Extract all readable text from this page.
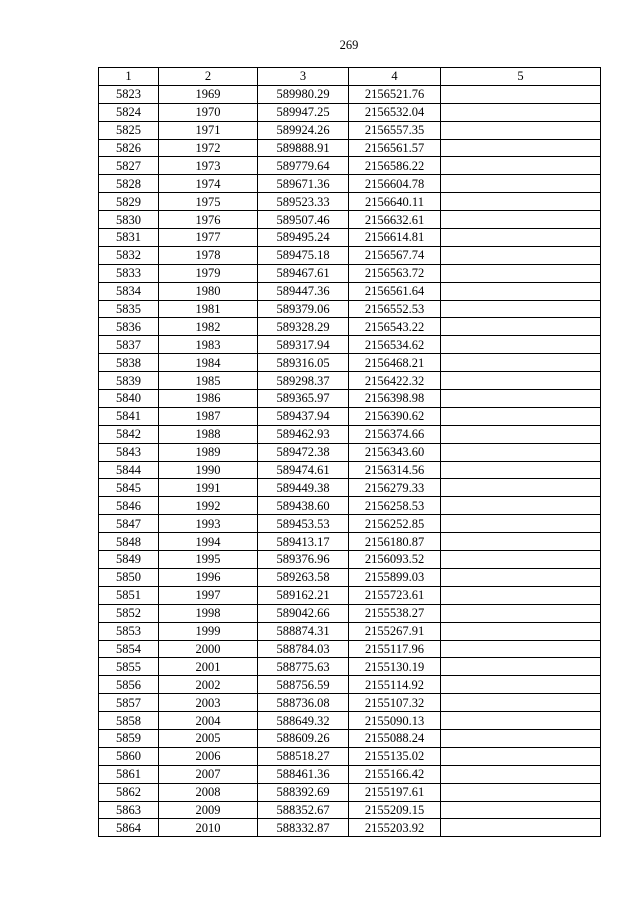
269
1	2	3	4	5
5823	1969	589980.29	2156521.76	
5824	1970	589947.25	2156532.04	
5825	1971	589924.26	2156557.35	
5826	1972	589888.91	2156561.57	
5827	1973	589779.64	2156586.22	
5828	1974	589671.36	2156604.78	
5829	1975	589523.33	2156640.11	
5830	1976	589507.46	2156632.61	
5831	1977	589495.24	2156614.81	
5832	1978	589475.18	2156567.74	
5833	1979	589467.61	2156563.72	
5834	1980	589447.36	2156561.64	
5835	1981	589379.06	2156552.53	
5836	1982	589328.29	2156543.22	
5837	1983	589317.94	2156534.62	
5838	1984	589316.05	2156468.21	
5839	1985	589298.37	2156422.32	
5840	1986	589365.97	2156398.98	
5841	1987	589437.94	2156390.62	
5842	1988	589462.93	2156374.66	
5843	1989	589472.38	2156343.60	
5844	1990	589474.61	2156314.56	
5845	1991	589449.38	2156279.33	
5846	1992	589438.60	2156258.53	
5847	1993	589453.53	2156252.85	
5848	1994	589413.17	2156180.87	
5849	1995	589376.96	2156093.52	
5850	1996	589263.58	2155899.03	
5851	1997	589162.21	2155723.61	
5852	1998	589042.66	2155538.27	
5853	1999	588874.31	2155267.91	
5854	2000	588784.03	2155117.96	
5855	2001	588775.63	2155130.19	
5856	2002	588756.59	2155114.92	
5857	2003	588736.08	2155107.32	
5858	2004	588649.32	2155090.13	
5859	2005	588609.26	2155088.24	
5860	2006	588518.27	2155135.02	
5861	2007	588461.36	2155166.42	
5862	2008	588392.69	2155197.61	
5863	2009	588352.67	2155209.15	
5864	2010	588332.87	2155203.92	
